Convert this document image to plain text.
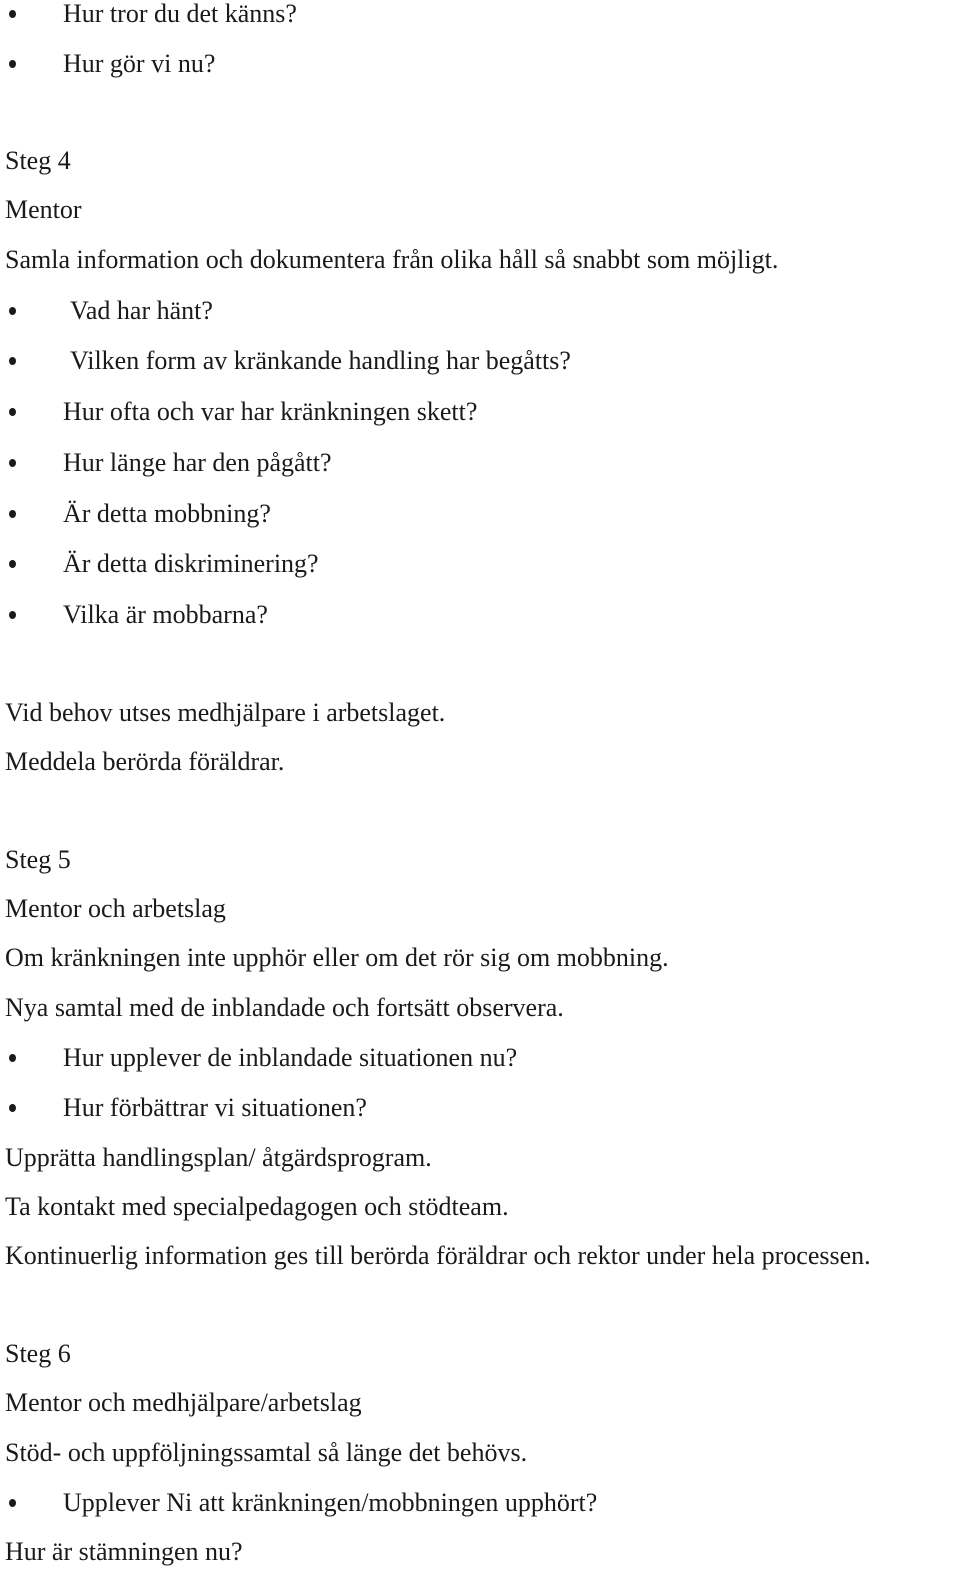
Hur tror du det känns?
Hur gör vi nu?
Steg 4
Mentor
Samla information och dokumentera från olika håll så snabbt som möjligt.
Vad har hänt?
Vilken form av kränkande handling har begåtts?
Hur ofta och var har kränkningen skett?
Hur länge har den pågått?
Är detta mobbning?
Är detta diskriminering?
Vilka är mobbarna?
Vid behov utses medhjälpare i arbetslaget.
Meddela berörda föräldrar.
Steg 5
Mentor och arbetslag
Om kränkningen inte upphör eller om det rör sig om mobbning.
Nya samtal med de inblandade och fortsätt observera.
Hur upplever de inblandade situationen nu?
Hur förbättrar vi situationen?
Upprätta handlingsplan/ åtgärdsprogram.
Ta kontakt med specialpedagogen och stödteam.
Kontinuerlig information ges till berörda föräldrar och rektor under hela processen.
Steg 6
Mentor och medhjälpare/arbetslag
Stöd- och uppföljningssamtal så länge det behövs.
Upplever Ni att kränkningen/mobbningen upphört?
Hur är stämningen nu?
